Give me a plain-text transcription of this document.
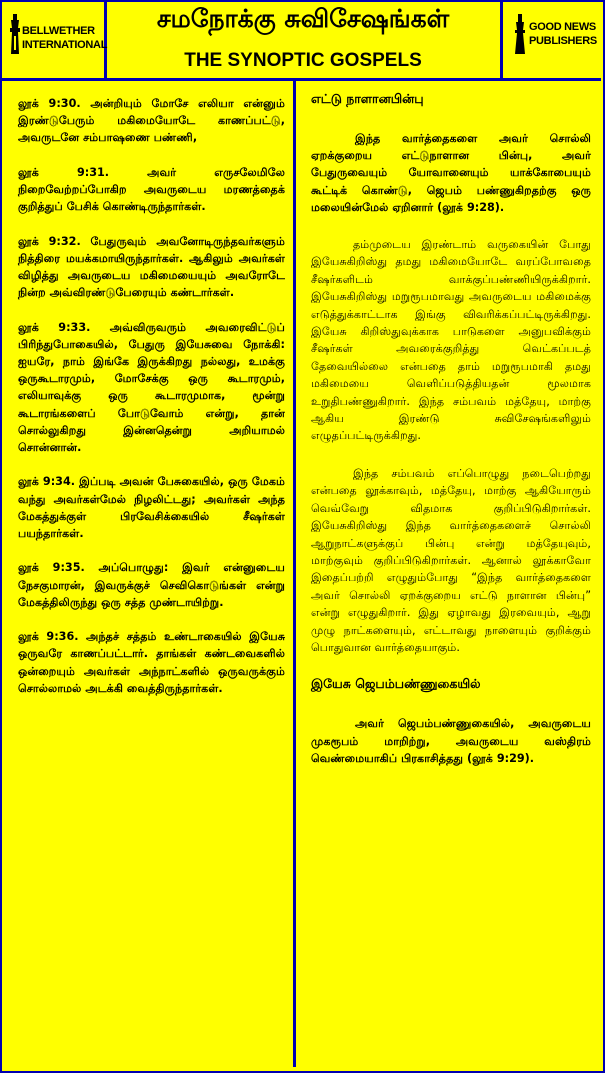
BELLWETHER INTERNATIONAL
சமநோக்கு சுவிசேஷங்கள்
THE SYNOPTIC GOSPELS
GOOD NEWS PUBLISHERS

லூக் 9:30. அன்றியும் மோசே எலியா என்னும் இரண்டுபேரும் மகிமையோடே காணப்பட்டு, அவருடனே சம்பாஷணை பண்ணி,

லூக் 9:31. அவர் எருசலேமிலே நிறைவேற்றப்போகிற அவருடைய மரணத்தைக் குறித்துப் பேசிக் கொண்டிருந்தார்கள்.

லூக் 9:32. பேதுருவும் அவனோடிருந்தவர்களும் நித்திரை மயக்கமாயிருந்தார்கள். ஆகிலும் அவர்கள் விழித்து அவருடைய மகிமையையும் அவரோடே நின்ற அவ்விரண்டுபேரையும் கண்டார்கள்.

லூக் 9:33. அவ்விருவரும் அவரைவிட்டுப் பிரிந்துபோகையில், பேதுரு இயேசுவை நோக்கி: ஐயரே, நாம் இங்கே இருக்கிறது நல்லது, உமக்கு ஒருகூடாரமும், மோசேக்கு ஒரு கூடாரமும், எலியாவுக்கு ஒரு கூடாரமுமாக, மூன்று கூடாரங்களைப் போடுவோம் என்று, தான் சொல்லுகிறது இன்னதென்று அறியாமல் சொன்னான்.

லூக் 9:34. இப்படி அவன் பேசுகையில், ஒரு மேகம் வந்து அவர்கள்மேல் நிழலிட்டது; அவர்கள் அந்த மேகத்துக்குள் பிரவேசிக்கையில் சீஷர்கள் பயந்தார்கள்.

லூக் 9:35. அப்பொழுது: இவர் என்னுடைய நேசகுமாரன், இவருக்குச் செவிகொடுங்கள் என்று மேகத்திலிருந்து ஒரு சத்த முண்டாயிற்று.

லூக் 9:36. அந்தச் சத்தம் உண்டாகையில் இயேசு ஒருவரே காணப்பட்டார். தாங்கள் கண்டவைகளில் ஒன்றையும் அவர்கள் அந்நாட்களில் ஒருவருக்கும் சொல்லாமல் அடக்கி வைத்திருந்தார்கள்.

எட்டு நாளானபின்பு

இந்த வார்த்தைகளை அவர் சொல்லி ஏறக்குறைய எட்டுநாளான பின்பு, அவர் பேதுருவையும் யோவானையும் யாக்கோபையும் கூட்டிக் கொண்டு, ஜெபம் பண்ணுகிறதற்கு ஒரு மலையின்மேல் ஏறினார் (லூக் 9:28).

தம்முடைய இரண்டாம் வருகையின் போது இயேசுகிறிஸ்து தமது மகிமையோடே வரப்போவதை சீஷர்களிடம் வாக்குப்பண்ணியிருக்கிறார். இயேசுகிறிஸ்து மறுரூபமாவது அவருடைய மகிமைக்கு எடுத்துக்காட்டாக இங்கு விவரிக்கப்பட்டிருக்கிறது. இயேசு கிறிஸ்துவுக்காக பாடுகளை அனுபவிக்கும் சீஷர்கள் அவரைக்குறித்து வெட்கப்படத் தேவையில்லை என்பதை தாம் மறுரூபமாகி தமது மகிமையை வெளிப்படுத்தியதன் மூலமாக உறுதிபண்ணுகிறார். இந்த சம்பவம் மத்தேயு, மாற்கு ஆகிய இரண்டு சுவிசேஷங்களிலும் எழுதப்பட்டிருக்கிறது.

இந்த சம்பவம் எப்பொழுது நடைபெற்றது என்பதை லூக்காவும், மத்தேயு, மாற்கு ஆகியோரும் வெவ்வேறு விதமாக குறிப்பிடுகிறார்கள். இயேசுகிறிஸ்து இந்த வார்த்தைகளைச் சொல்லி ஆறுநாட்களுக்குப் பின்பு என்று மத்தேயுவும், மாற்குவும் குறிப்பிடுகிறார்கள். ஆனால் லூக்காவோ இதைப்பற்றி எழுதும்போது “இந்த வார்த்தைகளை அவர் சொல்லி ஏறக்குறைய எட்டு நாளான பின்பு” என்று எழுதுகிறார். இது ஏழாவது இரவையும், ஆறு முழு நாட்களையும், எட்டாவது நாளையும் குறிக்கும் பொதுவான வார்த்தையாகும்.

இயேசு ஜெபம்பண்ணுகையில்

அவர் ஜெபம்பண்ணுகையில், அவருடைய முகரூபம் மாறிற்று, அவருடைய வஸ்திரம் வெண்மையாகிப் பிரகாசித்தது (லூக் 9:29).
